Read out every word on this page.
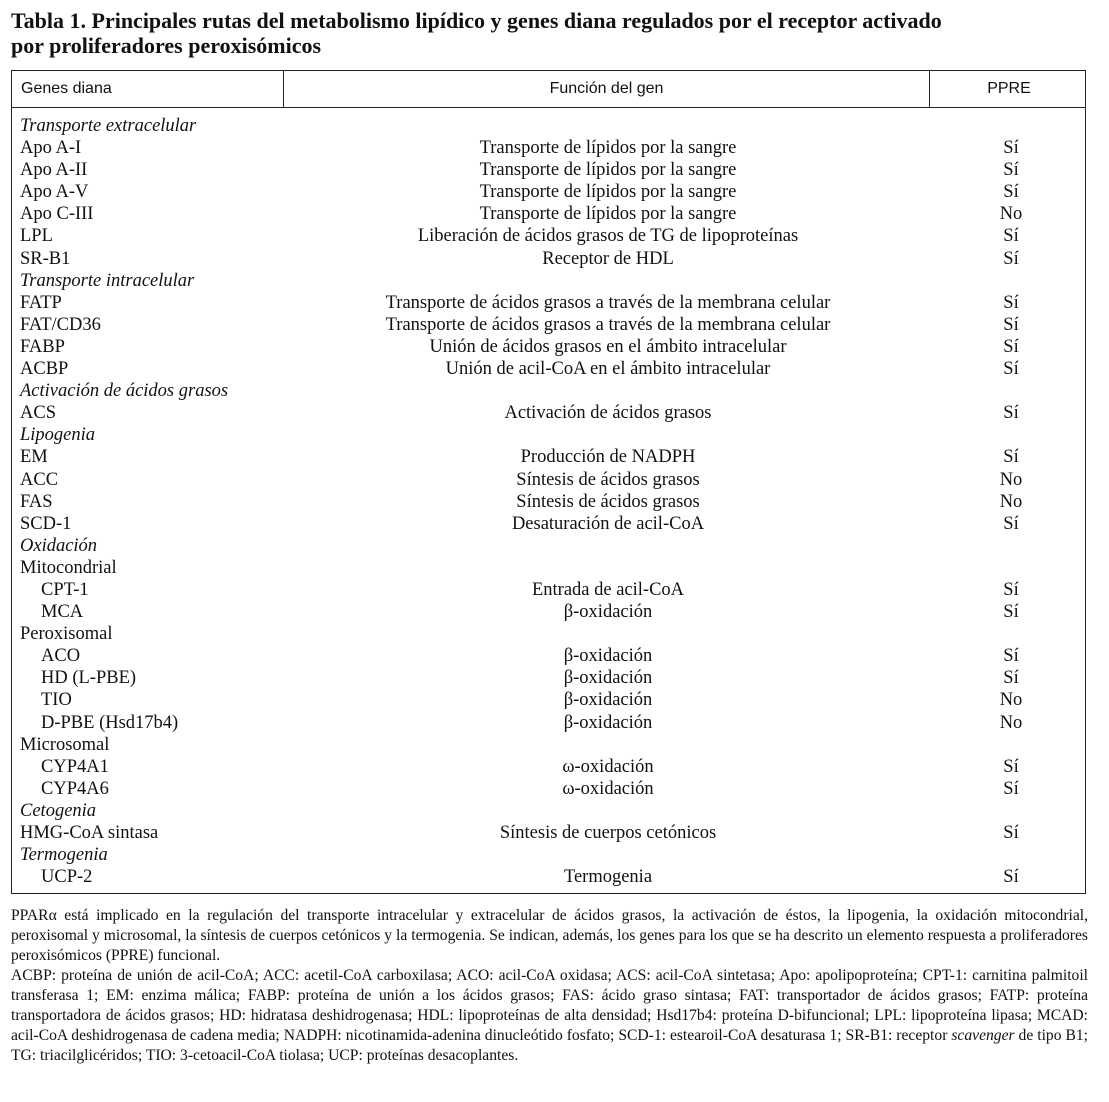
Tabla 1. Principales rutas del metabolismo lipídico y genes diana regulados por el receptor activado
por proliferadores peroxisómicos
Genes diana	Función del gen	PPRE
Transporte extracelular
Apo A-I	Transporte de lípidos por la sangre	Sí
Apo A-II	Transporte de lípidos por la sangre	Sí
Apo A-V	Transporte de lípidos por la sangre	Sí
Apo C-III	Transporte de lípidos por la sangre	No
LPL	Liberación de ácidos grasos de TG de lipoproteínas	Sí
SR-B1	Receptor de HDL	Sí
Transporte intracelular
FATP	Transporte de ácidos grasos a través de la membrana celular	Sí
FAT/CD36	Transporte de ácidos grasos a través de la membrana celular	Sí
FABP	Unión de ácidos grasos en el ámbito intracelular	Sí
ACBP	Unión de acil-CoA en el ámbito intracelular	Sí
Activación de ácidos grasos
ACS	Activación de ácidos grasos	Sí
Lipogenia
EM	Producción de NADPH	Sí
ACC	Síntesis de ácidos grasos	No
FAS	Síntesis de ácidos grasos	No
SCD-1	Desaturación de acil-CoA	Sí
Oxidación
Mitocondrial
CPT-1	Entrada de acil-CoA	Sí
MCA	β-oxidación	Sí
Peroxisomal
ACO	β-oxidación	Sí
HD (L-PBE)	β-oxidación	Sí
TIO	β-oxidación	No
D-PBE (Hsd17b4)	β-oxidación	No
Microsomal
CYP4A1	ω-oxidación	Sí
CYP4A6	ω-oxidación	Sí
Cetogenia
HMG-CoA sintasa	Síntesis de cuerpos cetónicos	Sí
Termogenia
UCP-2	Termogenia	Sí

PPARα está implicado en la regulación del transporte intracelular y extracelular de ácidos grasos, la activación de éstos, la lipogenia, la oxidación mitocondrial, peroxisomal y microsomal, la síntesis de cuerpos cetónicos y la termogenia. Se indican, además, los genes para los que se ha descrito un elemento respuesta a proliferadores peroxisómicos (PPRE) funcional.

ACBP: proteína de unión de acil-CoA; ACC: acetil-CoA carboxilasa; ACO: acil-CoA oxidasa; ACS: acil-CoA sintetasa; Apo: apolipoproteína; CPT-1: carnitina palmitoil transferasa 1; EM: enzima málica; FABP: proteína de unión a los ácidos grasos; FAS: ácido graso sintasa; FAT: transportador de ácidos grasos; FATP: proteína transportadora de ácidos grasos; HD: hidratasa deshidrogenasa; HDL: lipoproteínas de alta densidad; Hsd17b4: proteína D-bifuncional; LPL: lipoproteína lipasa; MCAD: acil-CoA deshidrogenasa de cadena media; NADPH: nicotinamida-adenina dinucleótido fosfato; SCD-1: estearoil-CoA desaturasa 1; SR-B1: receptor scavenger de tipo B1; TG: triacilglicéridos; TIO: 3-cetoacil-CoA tiolasa; UCP: proteínas desacoplantes.
